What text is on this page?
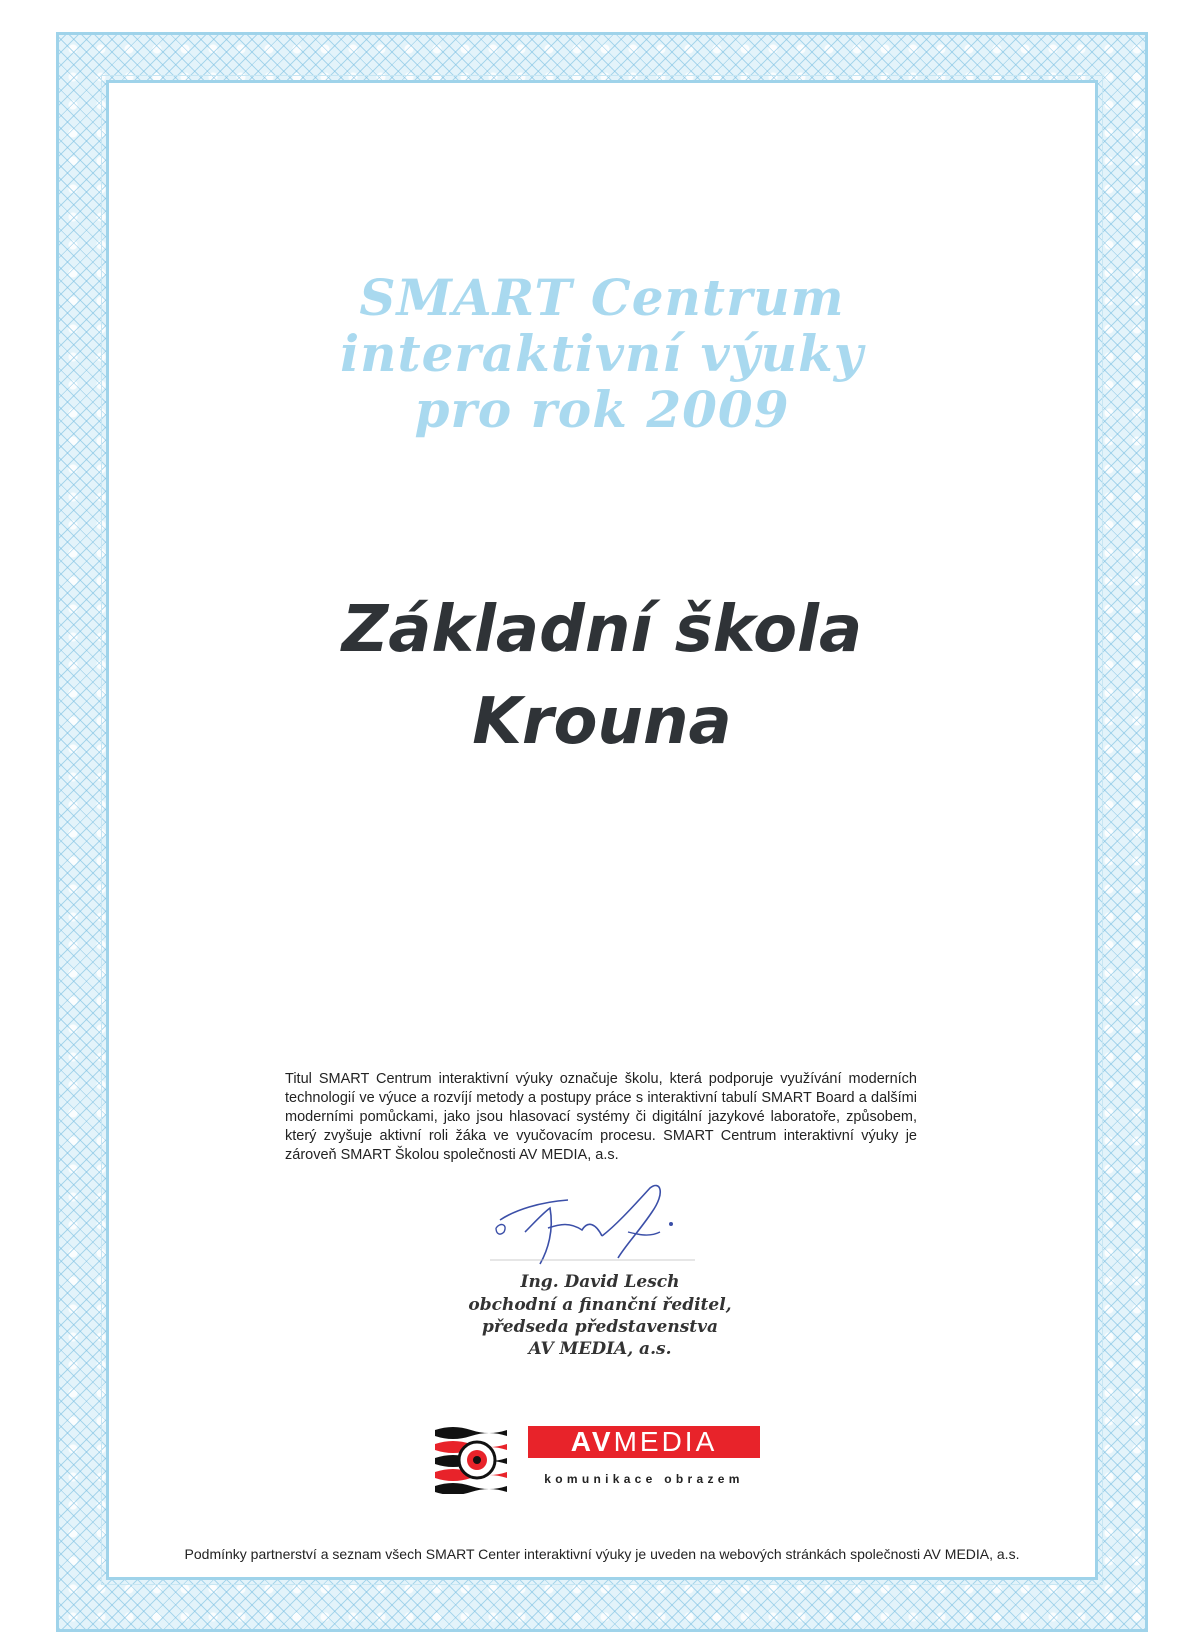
SMART Centrum
interaktivní výuky
pro rok 2009
Základní škola
Krouna
Titul SMART Centrum interaktivní výuky označuje školu, která podporuje využívání moderních technologií ve výuce a rozvíjí metody a postupy práce s interaktivní tabulí SMART Board a dalšími moderními pomůckami, jako jsou hlasovací systémy či digitální jazykové laboratoře, způsobem, který zvyšuje aktivní roli žáka ve vyučovacím procesu. SMART Centrum interaktivní výuky je zároveň SMART Školou společnosti AV MEDIA, a.s.
Ing. David Lesch
obchodní a finanční ředitel,
předseda představenstva
AV MEDIA, a.s.
AVMEDIA
komunikace obrazem
Podmínky partnerství a seznam všech SMART Center interaktivní výuky je uveden na webových stránkách společnosti AV MEDIA, a.s.
